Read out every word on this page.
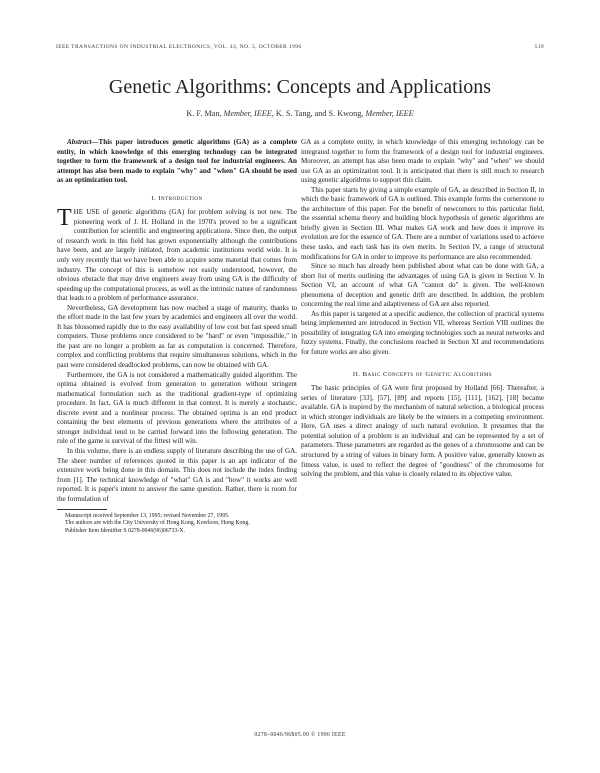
IEEE TRANSACTIONS ON INDUSTRIAL ELECTRONICS, VOL. 43, NO. 5, OCTOBER 1996	519
Genetic Algorithms: Concepts and Applications
K. F. Man, Member, IEEE, K. S. Tang, and S. Kwong, Member, IEEE

Abstract—This paper introduces genetic algorithms (GA) as a complete entity, in which knowledge of this emerging technology can be integrated together to form the framework of a design tool for industrial engineers. An attempt has also been made to explain "why" and "when" GA should be used as an optimization tool.

I. Introduction

THE USE of genetic algorithms (GA) for problem solving is not new. The pioneering work of J. H. Holland in the 1970's proved to be a significant contribution for scientific and engineering applications. Since then, the output of research work in this field has grown exponentially although the contributions have been, and are largely initiated, from academic institutions world wide. It is only very recently that we have been able to acquire some material that comes from industry. The concept of this is somehow not easily understood, however, the obvious obstacle that may drive engineers away from using GA is the difficulty of speeding up the computational process, as well as the intrinsic nature of randomness that leads to a problem of performance assurance.

Nevertheless, GA development has now reached a stage of maturity, thanks to the effort made in the last few years by academics and engineers all over the world. It has blossomed rapidly due to the easy availability of low cost but fast speed small computers. Those problems once considered to be "hard" or even "impossible," in the past are no longer a problem as far as computation is concerned. Therefore, complex and conflicting problems that require simultaneous solutions, which in the past were considered deadlocked problems, can now be obtained with GA.

Furthermore, the GA is not considered a mathematically guided algorithm. The optima obtained is evolved from generation to generation without stringent mathematical formulation such as the traditional gradient-type of optimizing procedure. In fact, GA is much different in that context. It is merely a stochastic, discrete event and a nonlinear process. The obtained optima is an end product containing the best elements of previous generations where the attributes of a stronger individual tend to be carried forward into the following generation. The rule of the game is survival of the fittest will win.

In this volume, there is an endless supply of literature describing the use of GA. The sheer number of references quoted in this paper is an apt indicator of the extensive work being done in this domain. This does not include the index finding from [1]. The technical knowledge of "what" GA is and "how" it works are well reported. It is paper's intent to answer the same question. Rather, there is room for the formulation of

Manuscript received September 13, 1995; revised November 27, 1995.
The authors are with the City University of Hong Kong, Kowloon, Hong Kong.
Publisher Item Identifier S 0278-0046(96)06733-X.

GA as a complete entity, in which knowledge of this emerging technology can be integrated together to form the framework of a design tool for industrial engineers. Moreover, an attempt has also been made to explain "why" and "when" we should use GA as an optimization tool. It is anticipated that there is still much to research using genetic algorithms to support this claim.

This paper starts by giving a simple example of GA, as described in Section II, in which the basic framework of GA is outlined. This example forms the cornerstone to the architecture of this paper. For the benefit of newcomers to this particular field, the essential schema theory and building block hypothesis of genetic algorithms are briefly given in Section III. What makes GA work and how does it improve its evolution are for the essence of GA. There are a number of variations used to achieve these tasks, and each task has its own merits. In Section IV, a range of structural modifications for GA in order to improve its performance are also recommended.

Since so much has already been published about what can be done with GA, a short list of merits outlining the advantages of using GA is given in Section V. In Section VI, an account of what GA "cannot do" is given. The well-known phenomena of deception and genetic drift are described. In addition, the problem concerning the real time and adaptiveness of GA are also reported.

As this paper is targeted at a specific audience, the collection of practical systems being implemented are introduced in Section VII, whereas Section VIII outlines the possibility of integrating GA into emerging technologies such as neural networks and fuzzy systems. Finally, the conclusions reached in Section XI and recommendations for future works are also given.

II. Basic Concepts of Genetic Algorithms

The basic principles of GA were first proposed by Holland [66]. Thereafter, a series of literature [33], [57], [89] and reports [15], [111], [162], [18] became available. GA is inspired by the mechanism of natural selection, a biological process in which stronger individuals are likely be the winners in a competing environment. Here, GA uses a direct analogy of such natural evolution. It presumes that the potential solution of a problem is an individual and can be represented by a set of parameters. These parameters are regarded as the genes of a chromosome and can be structured by a string of values in binary form. A positive value, generally known as fitness value, is used to reflect the degree of "goodness" of the chromosome for solving the problem, and this value is closely related to its objective value.

0278–0046/96$05.00 © 1996 IEEE
